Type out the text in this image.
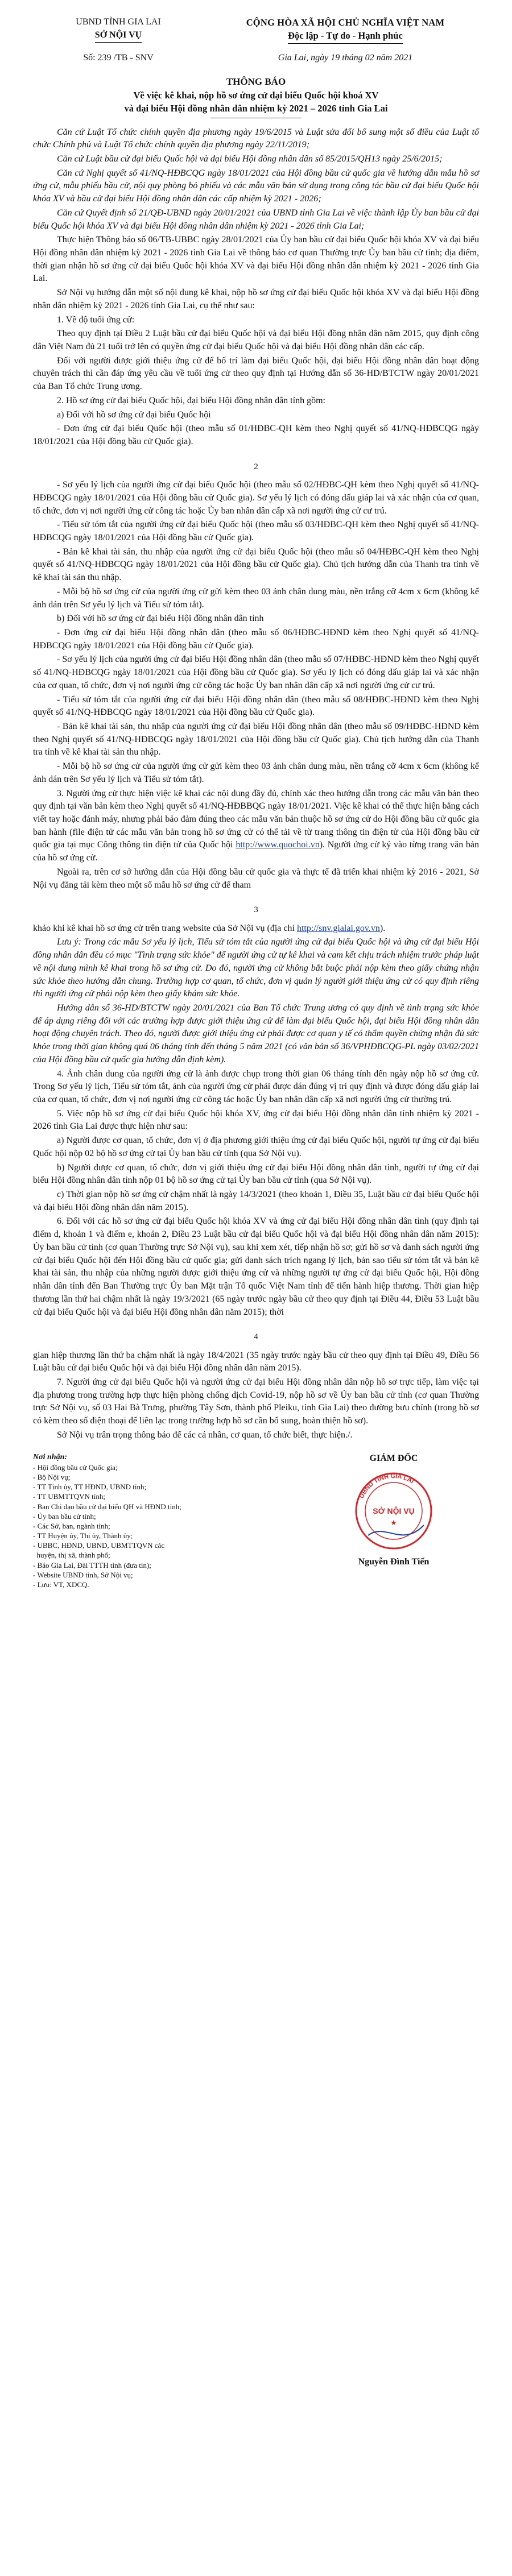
UBND TỈNH GIA LAI
SỞ NỘI VỤ
CỘNG HÒA XÃ HỘI CHỦ NGHĨA VIỆT NAM
Độc lập - Tự do - Hạnh phúc
Số: 239 /TB - SNV	Gia Lai, ngày 19 tháng 02 năm 2021
THÔNG BÁO
Về việc kê khai, nộp hồ sơ ứng cử đại biểu Quốc hội khoá XV
và đại biểu Hội đồng nhân dân nhiệm kỳ 2021 – 2026 tỉnh Gia Lai

Căn cứ Luật Tổ chức chính quyền địa phương ngày 19/6/2015 và Luật sửa đổi bổ sung một số điều của Luật tổ chức Chính phủ và Luật Tổ chức chính quyền địa phương ngày 22/11/2019;

Căn cứ Luật bầu cử đại biểu Quốc hội và đại biểu Hội đồng nhân dân số 85/2015/QH13 ngày 25/6/2015;

Căn cứ Nghị quyết số 41/NQ-HĐBCQG ngày 18/01/2021 của Hội đồng bầu cử quốc gia về hướng dẫn mẫu hồ sơ ứng cử, mẫu phiếu bầu cử, nội quy phòng bỏ phiếu và các mẫu văn bản sử dụng trong công tác bầu cử đại biểu Quốc hội khóa XV và bầu cử đại biểu Hội đồng nhân dân các cấp nhiệm kỳ 2021 - 2026;

Căn cứ Quyết định số 21/QĐ-UBND ngày 20/01/2021 của UBND tỉnh Gia Lai về việc thành lập Ủy ban bầu cử đại biểu Quốc hội khóa XV và đại biểu Hội đồng nhân dân nhiệm kỳ 2021 - 2026 tỉnh Gia Lai;

Thực hiện Thông báo số 06/TB-UBBC ngày 28/01/2021 của Ủy ban bầu cử đại biểu Quốc hội khóa XV và đại biểu Hội đồng nhân dân nhiệm kỳ 2021 - 2026 tỉnh Gia Lai về thông báo cơ quan Thường trực Ủy ban bầu cử tỉnh; địa điểm, thời gian nhận hồ sơ ứng cử đại biểu Quốc hội khóa XV và đại biểu Hội đồng nhân dân nhiệm kỳ 2021 - 2026 tỉnh Gia Lai.

Sở Nội vụ hướng dẫn một số nội dung kê khai, nộp hồ sơ ứng cử đại biểu Quốc hội khóa XV và đại biểu Hội đồng nhân dân nhiệm kỳ 2021 - 2026 tỉnh Gia Lai, cụ thể như sau:

1. Về độ tuổi ứng cử:

Theo quy định tại Điều 2 Luật bầu cử đại biểu Quốc hội và đại biểu Hội đồng nhân dân năm 2015, quy định công dân Việt Nam đủ 21 tuổi trở lên có quyền ứng cử đại biểu Quốc hội và đại biểu Hội đồng nhân dân các cấp.

Đối với người được giới thiệu ứng cử để bố trí làm đại biểu Quốc hội, đại biểu Hội đồng nhân dân hoạt động chuyên trách thì cần đáp ứng yêu cầu về tuổi ứng cử theo quy định tại Hướng dẫn số 36-HD/BTCTW ngày 20/01/2021 của Ban Tổ chức Trung ương.

2. Hồ sơ ứng cử đại biểu Quốc hội, đại biểu Hội đồng nhân dân tỉnh gồm:

a) Đối với hồ sơ ứng cử đại biểu Quốc hội

- Đơn ứng cử đại biểu Quốc hội (theo mẫu số 01/HĐBC-QH kèm theo Nghị quyết số 41/NQ-HĐBCQG ngày 18/01/2021 của Hội đồng bầu cử Quốc gia).

2

- Sơ yếu lý lịch của người ứng cử đại biểu Quốc hội (theo mẫu số 02/HĐBC-QH kèm theo Nghị quyết số 41/NQ-HĐBCQG ngày 18/01/2021 của Hội đồng bầu cử Quốc gia). Sơ yếu lý lịch có đóng dấu giáp lai và xác nhận của cơ quan, tổ chức, đơn vị nơi người ứng cử công tác hoặc Ủy ban nhân dân cấp xã nơi người ứng cử cư trú.

- Tiểu sử tóm tắt của người ứng cử đại biểu Quốc hội (theo mẫu số 03/HĐBC-QH kèm theo Nghị quyết số 41/NQ-HĐBCQG ngày 18/01/2021 của Hội đồng bầu cử Quốc gia).

- Bản kê khai tài sản, thu nhập của người ứng cử đại biểu Quốc hội (theo mẫu số 04/HĐBC-QH kèm theo Nghị quyết số 41/NQ-HĐBCQG ngày 18/01/2021 của Hội đồng bầu cử Quốc gia). Chủ tịch hướng dẫn của Thanh tra tỉnh về kê khai tài sản thu nhập.

- Mỗi bộ hồ sơ ứng cử của người ứng cử gửi kèm theo 03 ảnh chân dung màu, nền trắng cỡ 4cm x 6cm (không kể ảnh dán trên Sơ yếu lý lịch và Tiểu sử tóm tắt).

b) Đối với hồ sơ ứng cử đại biểu Hội đồng nhân dân tỉnh

- Đơn ứng cử đại biểu Hội đồng nhân dân (theo mẫu số 06/HĐBC-HĐND kèm theo Nghị quyết số 41/NQ-HĐBCQG ngày 18/01/2021 của Hội đồng bầu cử Quốc gia).

- Sơ yếu lý lịch của người ứng cử đại biểu Hội đồng nhân dân (theo mẫu số 07/HĐBC-HĐND kèm theo Nghị quyết số 41/NQ-HĐBCQG ngày 18/01/2021 của Hội đồng bầu cử Quốc gia). Sơ yếu lý lịch có đóng dấu giáp lai và xác nhận của cơ quan, tổ chức, đơn vị nơi người ứng cử công tác hoặc Ủy ban nhân dân cấp xã nơi người ứng cử cư trú.

- Tiểu sử tóm tắt của người ứng cử đại biểu Hội đồng nhân dân (theo mẫu số 08/HĐBC-HĐND kèm theo Nghị quyết số 41/NQ-HĐBCQG ngày 18/01/2021 của Hội đồng bầu cử Quốc gia).

- Bản kê khai tài sản, thu nhập của người ứng cử đại biểu Hội đồng nhân dân (theo mẫu số 09/HĐBC-HĐND kèm theo Nghị quyết số 41/NQ-HĐBCQG ngày 18/01/2021 của Hội đồng bầu cử Quốc gia). Chủ tịch hướng dẫn của Thanh tra tỉnh về kê khai tài sản thu nhập.

- Mỗi bộ hồ sơ ứng cử của người ứng cử gửi kèm theo 03 ảnh chân dung màu, nền trắng cỡ 4cm x 6cm (không kể ảnh dán trên Sơ yếu lý lịch và Tiểu sử tóm tắt).

3. Người ứng cử thực hiện việc kê khai các nội dung đầy đủ, chính xác theo hướng dẫn trong các mẫu văn bản theo quy định tại văn bản kèm theo Nghị quyết số 41/NQ-HĐBBQG ngày 18/01/2021. Việc kê khai có thể thực hiện bằng cách viết tay hoặc đánh máy, nhưng phải bảo đảm đúng theo các mẫu văn bản thuộc hồ sơ ứng cử do Hội đồng bầu cử quốc gia ban hành (file điện tử các mẫu văn bản trong hồ sơ ứng cử có thể tải về từ trang thông tin điện tử của Hội đồng bầu cử quốc gia tại mục Công thông tin điện tử của Quốc hội http://www.quochoi.vn). Người ứng cử ký vào từng trang văn bản của hồ sơ ứng cử.

Ngoài ra, trên cơ sở hướng dẫn của Hội đồng bầu cử quốc gia và thực tế đã triển khai nhiệm kỳ 2016 - 2021, Sở Nội vụ đăng tải kèm theo một số mẫu hồ sơ ứng cử để tham

3

khảo khi kê khai hồ sơ ứng cử trên trang website của Sở Nội vụ (địa chỉ http://snv.gialai.gov.vn).

Lưu ý: Trong các mẫu Sơ yếu lý lịch, Tiểu sử tóm tắt của người ứng cử đại biểu Quốc hội và ứng cử đại biểu Hội đồng nhân dân đều có mục "Tình trạng sức khỏe" để người ứng cử tự kê khai và cam kết chịu trách nhiệm trước pháp luật về nội dung mình kê khai trong hồ sơ ứng cử. Do đó, người ứng cử không bắt buộc phải nộp kèm theo giấy chứng nhận sức khỏe theo hướng dẫn chung. Trường hợp cơ quan, tổ chức, đơn vị quản lý người giới thiệu ứng cử có quy định riêng thì người ứng cử phải nộp kèm theo giấy khám sức khỏe.

Hướng dẫn số 36-HD/BTCTW ngày 20/01/2021 của Ban Tổ chức Trung ương có quy định về tình trạng sức khỏe để áp dụng riêng đối với các trường hợp được giới thiệu ứng cử để làm đại biểu Quốc hội, đại biểu Hội đồng nhân dân hoạt động chuyên trách. Theo đó, người được giới thiệu ứng cử phải được cơ quan y tế có thẩm quyền chứng nhận đủ sức khỏe trong thời gian không quá 06 tháng tính đến tháng 5 năm 2021 (có văn bản số 36/VPHĐBCQG-PL ngày 03/02/2021 của Hội đồng bầu cử quốc gia hướng dẫn định kèm).

4. Ảnh chân dung của người ứng cử là ảnh được chụp trong thời gian 06 tháng tính đến ngày nộp hồ sơ ứng cử. Trong Sơ yếu lý lịch, Tiểu sử tóm tắt, ảnh của người ứng cử phải được dán đúng vị trí quy định và được đóng dấu giáp lai của cơ quan, tổ chức, đơn vị nơi người ứng cử công tác hoặc Ủy ban nhân dân cấp xã nơi người ứng cử thường trú.

5. Việc nộp hồ sơ ứng cử đại biểu Quốc hội khóa XV, ứng cử đại biểu Hội đồng nhân dân tỉnh nhiệm kỳ 2021 - 2026 tỉnh Gia Lai được thực hiện như sau:

a) Người được cơ quan, tổ chức, đơn vị ở địa phương giới thiệu ứng cử đại biểu Quốc hội, người tự ứng cử đại biểu Quốc hội nộp 02 bộ hồ sơ ứng cử tại Ủy ban bầu cử tỉnh (qua Sở Nội vụ).

b) Người được cơ quan, tổ chức, đơn vị giới thiệu ứng cử đại biểu Hội đồng nhân dân tỉnh, người tự ứng cử đại biểu Hội đồng nhân dân tỉnh nộp 01 bộ hồ sơ ứng cử tại Ủy ban bầu cử tỉnh (qua Sở Nội vụ).

c) Thời gian nộp hồ sơ ứng cử chậm nhất là ngày 14/3/2021 (theo khoản 1, Điều 35, Luật bầu cử đại biểu Quốc hội và đại biểu Hội đồng nhân dân năm 2015).

6. Đối với các hồ sơ ứng cử đại biểu Quốc hội khóa XV và ứng cử đại biểu Hội đồng nhân dân tỉnh (quy định tại điểm d, khoản 1 và điểm e, khoản 2, Điều 23 Luật bầu cử đại biểu Quốc hội và đại biểu Hội đồng nhân dân năm 2015): Ủy ban bầu cử tỉnh (cơ quan Thường trực Sở Nội vụ), sau khi xem xét, tiếp nhận hồ sơ; gửi hồ sơ và danh sách người ứng cử đại biểu Quốc hội đến Hội đồng bầu cử quốc gia; gửi danh sách trích ngang lý lịch, bản sao tiểu sử tóm tắt và bản kê khai tài sản, thu nhập của những người được giới thiệu ứng cử và những người tự ứng cử đại biểu Quốc hội, Hội đồng nhân dân tỉnh đến Ban Thường trực Ủy ban Mặt trận Tổ quốc Việt Nam tỉnh để tiến hành hiệp thương. Thời gian hiệp thương lần thứ hai chậm nhất là ngày 19/3/2021 (65 ngày trước ngày bầu cử theo quy định tại Điều 44, Điều 53 Luật bầu cử đại biểu Quốc hội và đại biểu Hội đồng nhân dân năm 2015); thời

4

gian hiệp thương lần thứ ba chậm nhất là ngày 18/4/2021 (35 ngày trước ngày bầu cử theo quy định tại Điều 49, Điều 56 Luật bầu cử đại biểu Quốc hội và đại biểu Hội đồng nhân dân năm 2015).

7. Người ứng cử đại biểu Quốc hội và người ứng cử đại biểu Hội đồng nhân dân nộp hồ sơ trực tiếp, làm việc tại địa phương trong trường hợp thực hiện phòng chống dịch Covid-19, nộp hồ sơ về Ủy ban bầu cử tỉnh (cơ quan Thường trực Sở Nội vụ, số 03 Hai Bà Trưng, phường Tây Sơn, thành phố Pleiku, tỉnh Gia Lai) theo đường bưu chính (trong hồ sơ có kèm theo số điện thoại để liên lạc trong trường hợp hồ sơ cần bổ sung, hoàn thiện hồ sơ).

Sở Nội vụ trân trọng thông báo để các cá nhân, cơ quan, tổ chức biết, thực hiện./.

Nơi nhận:
- Hội đồng bầu cử Quốc gia;
- Bộ Nội vụ;
- TT Tỉnh ủy, TT HĐND, UBND tỉnh;
- TT UBMTTQVN tỉnh;
- Ban Chỉ đạo bầu cử đại biểu QH và HĐND tỉnh;
- Ủy ban bầu cử tỉnh;
- Các Sở, ban, ngành tỉnh;
- TT Huyện ủy, Thị ủy, Thành ủy;
- UBBC, HĐND, UBND, UBMTTQVN các
huyện, thị xã, thành phố;
- Báo Gia Lai, Đài TTTH tỉnh (đưa tin);
- Website UBND tỉnh, Sở Nội vụ;
- Lưu: VT, XDCQ.
GIÁM ĐỐC
UBND TỈNH GIA LAI
SỞ NỘI VỤ
★
Nguyễn Đình Tiến
